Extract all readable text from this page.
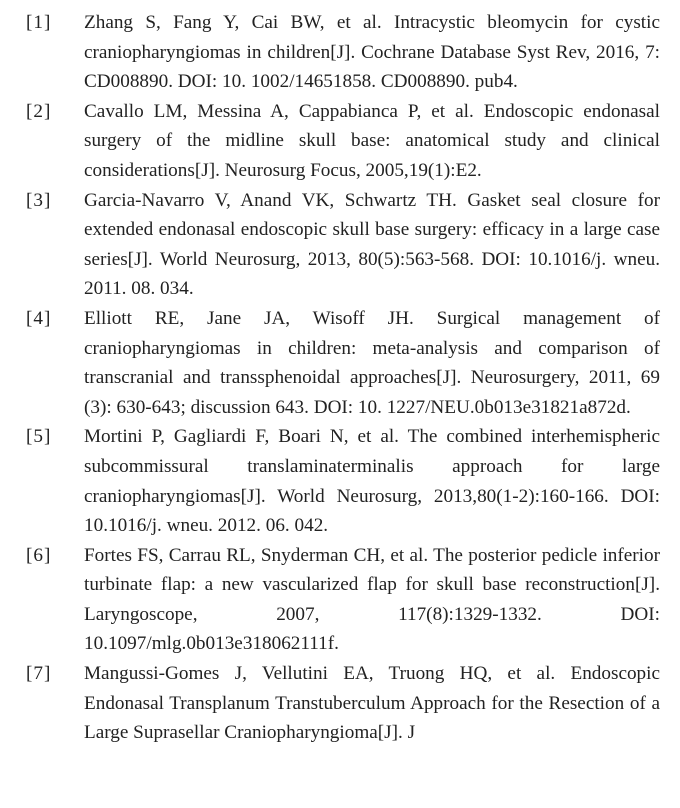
[1] Zhang S, Fang Y, Cai BW, et al. Intracystic bleomycin for cystic craniopharyngiomas in children[J]. Cochrane Database Syst Rev, 2016, 7: CD008890. DOI: 10. 1002/14651858. CD008890. pub4.
[2] Cavallo LM, Messina A, Cappabianca P, et al. Endoscopic endonasal surgery of the midline skull base: anatomical study and clinical considerations[J]. Neurosurg Focus, 2005,19(1):E2.
[3] Garcia-Navarro V, Anand VK, Schwartz TH. Gasket seal closure for extended endonasal endoscopic skull base surgery: efficacy in a large case series[J]. World Neurosurg, 2013, 80(5):563-568. DOI: 10.1016/j. wneu. 2011. 08. 034.
[4] Elliott RE, Jane JA, Wisoff JH. Surgical management of craniopharyngiomas in children: meta-analysis and comparison of transcranial and transsphenoidal approaches[J]. Neurosurgery, 2011, 69 (3): 630-643; discussion 643. DOI: 10. 1227/NEU.0b013e31821a872d.
[5] Mortini P, Gagliardi F, Boari N, et al. The combined interhemispheric subcommissural translaminaterminalis approach for large craniopharyngiomas[J]. World Neurosurg, 2013,80(1-2):160-166. DOI: 10.1016/j. wneu. 2012. 06. 042.
[6] Fortes FS, Carrau RL, Snyderman CH, et al. The posterior pedicle inferior turbinate flap: a new vascularized flap for skull base reconstruction[J]. Laryngoscope, 2007, 117(8):1329-1332. DOI: 10.1097/mlg.0b013e318062111f.
[7] Mangussi-Gomes J, Vellutini EA, Truong HQ, et al. Endoscopic Endonasal Transplanum Transtuberculum Approach for the Resection of a Large Suprasellar Craniopharyngioma[J]. J
